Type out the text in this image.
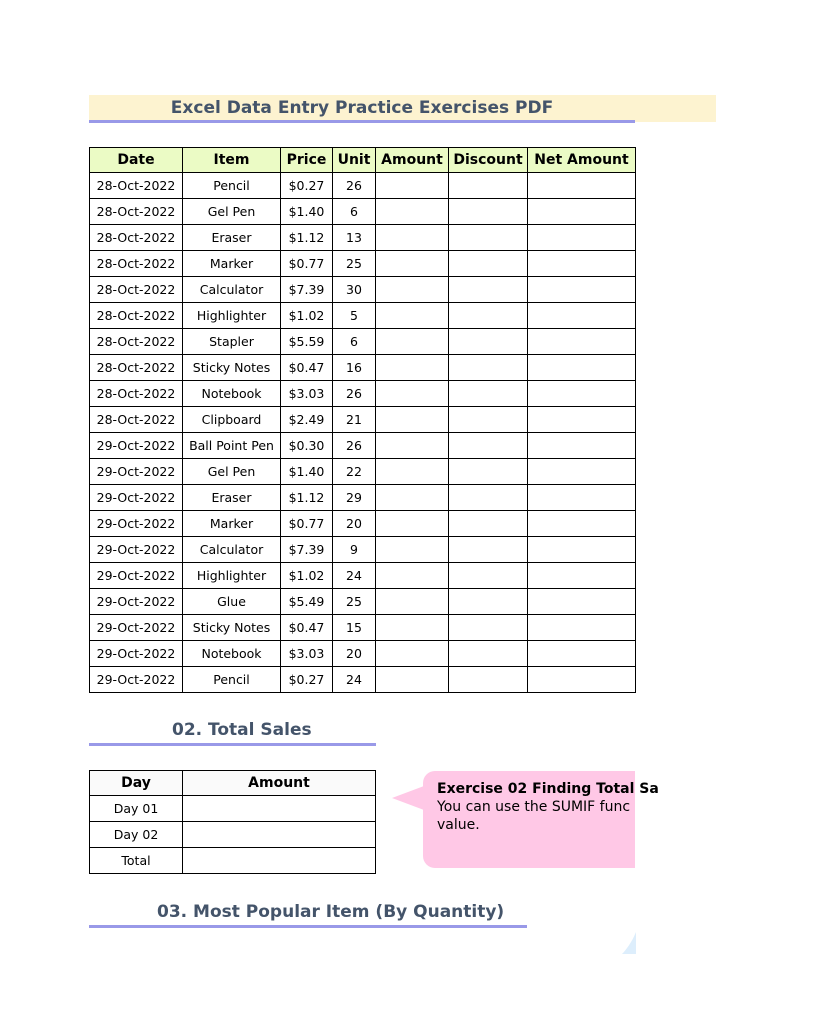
Excel Data Entry Practice Exercises PDF
Date	Item	Price	Unit	Amount	Discount	Net Amount
28-Oct-2022	Pencil	$0.27	26			
28-Oct-2022	Gel Pen	$1.40	6			
28-Oct-2022	Eraser	$1.12	13			
28-Oct-2022	Marker	$0.77	25			
28-Oct-2022	Calculator	$7.39	30			
28-Oct-2022	Highlighter	$1.02	5			
28-Oct-2022	Stapler	$5.59	6			
28-Oct-2022	Sticky Notes	$0.47	16			
28-Oct-2022	Notebook	$3.03	26			
28-Oct-2022	Clipboard	$2.49	21			
29-Oct-2022	Ball Point Pen	$0.30	26			
29-Oct-2022	Gel Pen	$1.40	22			
29-Oct-2022	Eraser	$1.12	29			
29-Oct-2022	Marker	$0.77	20			
29-Oct-2022	Calculator	$7.39	9			
29-Oct-2022	Highlighter	$1.02	24			
29-Oct-2022	Glue	$5.49	25			
29-Oct-2022	Sticky Notes	$0.47	15			
29-Oct-2022	Notebook	$3.03	20			
29-Oct-2022	Pencil	$0.27	24			
02. Total Sales
Day	Amount
Day 01	
Day 02	
Total	
Exercise 02 Finding Total Sa
You can use the SUMIF func
value.
03. Most Popular Item (By Quantity)
